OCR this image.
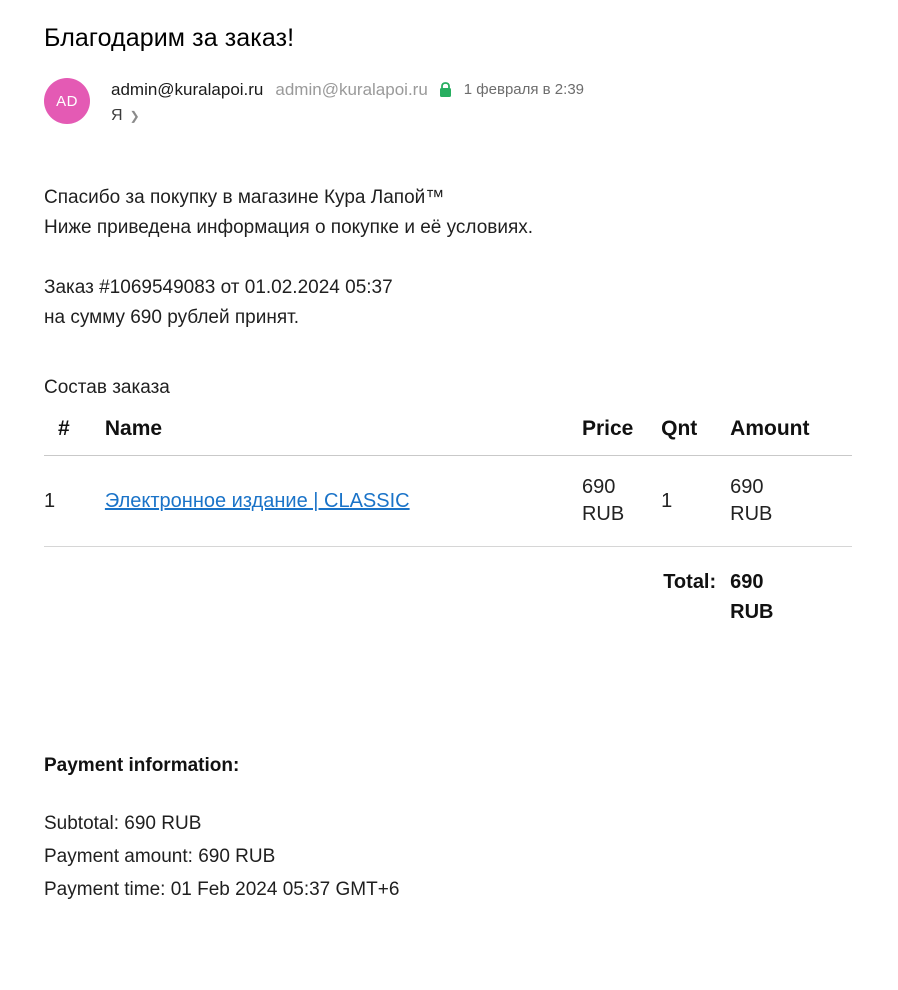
Благодарим за заказ!
AD
admin@kuralapoi.ru admin@kuralapoi.ru 1 февраля в 2:39
Я ❯

Спасибо за покупку в магазине Кура Лапой™

Ниже приведена информация о покупке и её условиях.

Заказ #1069549083 от 01.02.2024 05:37

на сумму 690 рублей принят.

Состав заказа
#	Name	Price	Qnt	Amount
1	Электронное издание | CLASSIC	690 RUB	1	690 RUB

			Total:	690 RUB
Payment information:
Subtotal: 690 RUB
Payment amount: 690 RUB
Payment time: 01 Feb 2024 05:37 GMT+6
